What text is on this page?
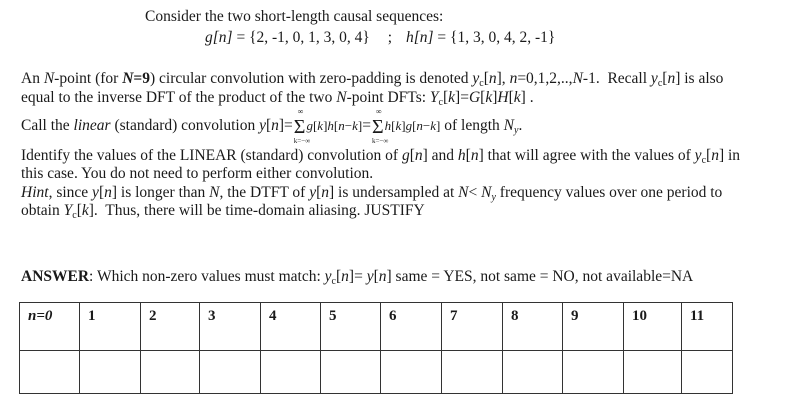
Consider the two short-length causal sequences:
g[n] = {2, -1, 0, 1, 3, 0, 4} ; h[n] = {1, 3, 0, 4, 2, -1}
An N-point (for N=9) circular convolution with zero-padding is denoted $y_c[n]$, n=0,1,2,..,N-1.  Recall $y_c[n]$ is also
equal to the inverse DFT of the product of the two N-point DFTs: $Y_c[k]=G[k]H[k]$ .
Call the linear (standard) convolution y[n]=
∞
Σ
k=−∞
g[k]h[n−k]=
∞
Σ
k=−∞
h[k]g[n−k] of length $N_y$.
Identify the values of the LINEAR (standard) convolution of g[n] and h[n] that will agree with the values of $y_c[n]$ in
this case. You do not need to perform either convolution.
Hint, since y[n] is longer than N, the DTFT of y[n] is undersampled at $N< N_y$ frequency values over one period to
obtain $Y_c[k]$.  Thus, there will be time-domain aliasing. JUSTIFY
ANSWER: Which non-zero values must match: $y_c[n]= y[n]$ same = YES, not same = NO, not available=NA
n=0	1	2	3	4	5	6	7	8	9	10	11
